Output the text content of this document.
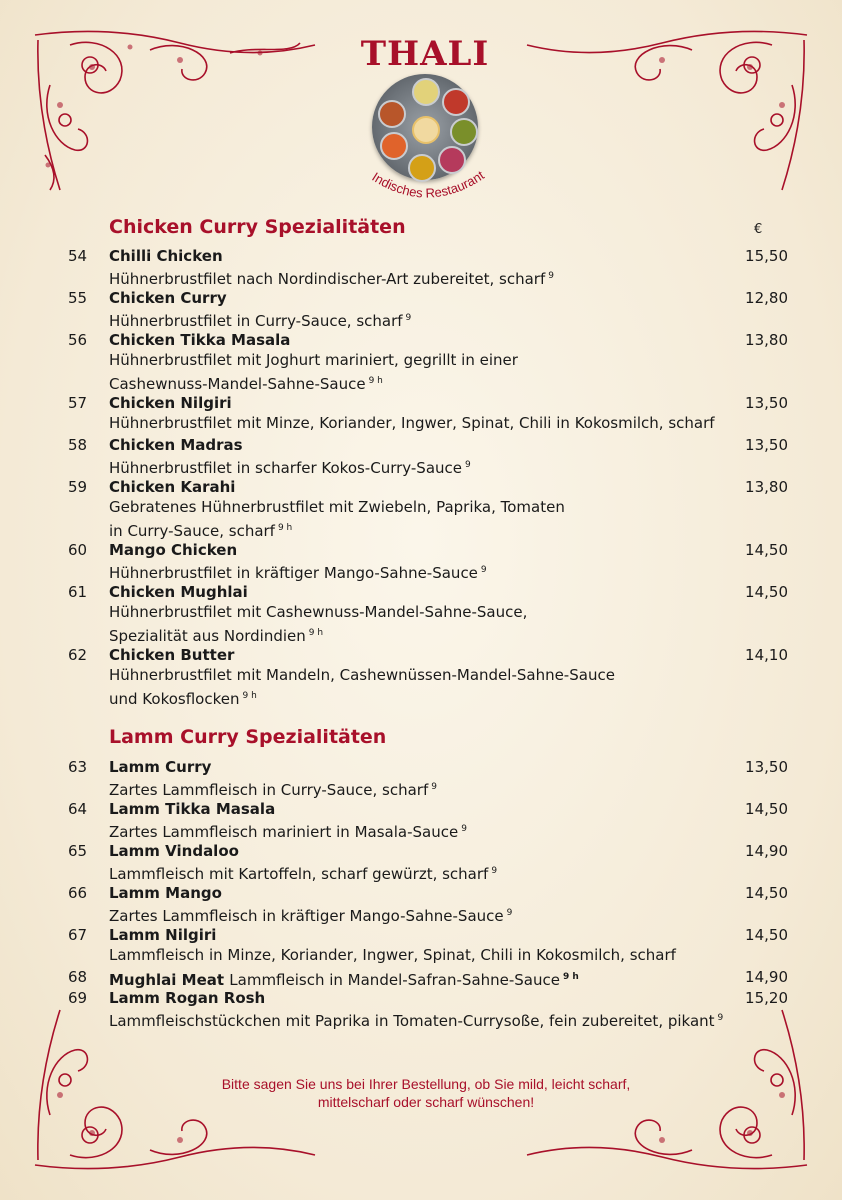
THALI
Indisches Restaurant
Chicken Curry Spezialitäten	€
54	Chilli Chicken	15,50
Hühnerbrustfilet nach Nordindischer-Art zubereitet, scharf $^9$
55	Chicken Curry	12,80
Hühnerbrustfilet in Curry-Sauce, scharf $^9$
56	Chicken Tikka Masala	13,80
Hühnerbrustfilet mit Joghurt mariniert, gegrillt in einer
Cashewnuss-Mandel-Sahne-Sauce $^{9 h}$
57	Chicken Nilgiri	13,50
Hühnerbrustfilet mit Minze, Koriander, Ingwer, Spinat, Chili in Kokosmilch, scharf
58	Chicken Madras	13,50
Hühnerbrustfilet in scharfer Kokos-Curry-Sauce $^9$
59	Chicken Karahi	13,80
Gebratenes Hühnerbrustfilet mit Zwiebeln, Paprika, Tomaten
in Curry-Sauce, scharf $^{9 h}$
60	Mango Chicken	14,50
Hühnerbrustfilet in kräftiger Mango-Sahne-Sauce $^9$
61	Chicken Mughlai	14,50
Hühnerbrustfilet mit Cashewnuss-Mandel-Sahne-Sauce,
Spezialität aus Nordindien $^{9 h}$
62	Chicken Butter	14,10
Hühnerbrustfilet mit Mandeln, Cashewnüssen-Mandel-Sahne-Sauce
und Kokosflocken $^{9 h}$
Lamm Curry Spezialitäten
63	Lamm Curry	13,50
Zartes Lammfleisch in Curry-Sauce, scharf $^9$
64	Lamm Tikka Masala	14,50
Zartes Lammfleisch mariniert in Masala-Sauce $^9$
65	Lamm Vindaloo	14,90
Lammfleisch mit Kartoffeln, scharf gewürzt, scharf $^9$
66	Lamm Mango	14,50
Zartes Lammfleisch in kräftiger Mango-Sahne-Sauce $^9$
67	Lamm Nilgiri	14,50
Lammfleisch in Minze, Koriander, Ingwer, Spinat, Chili in Kokosmilch, scharf
68	Mughlai Meat Lammfleisch in Mandel-Safran-Sahne-Sauce $^{9 h}$	14,90
69	Lamm Rogan Rosh	15,20
Lammfleischstückchen mit Paprika in Tomaten-Currysoße, fein zubereitet, pikant $^9$
Bitte sagen Sie uns bei Ihrer Bestellung, ob Sie mild, leicht scharf,
mittelscharf oder scharf wünschen!
